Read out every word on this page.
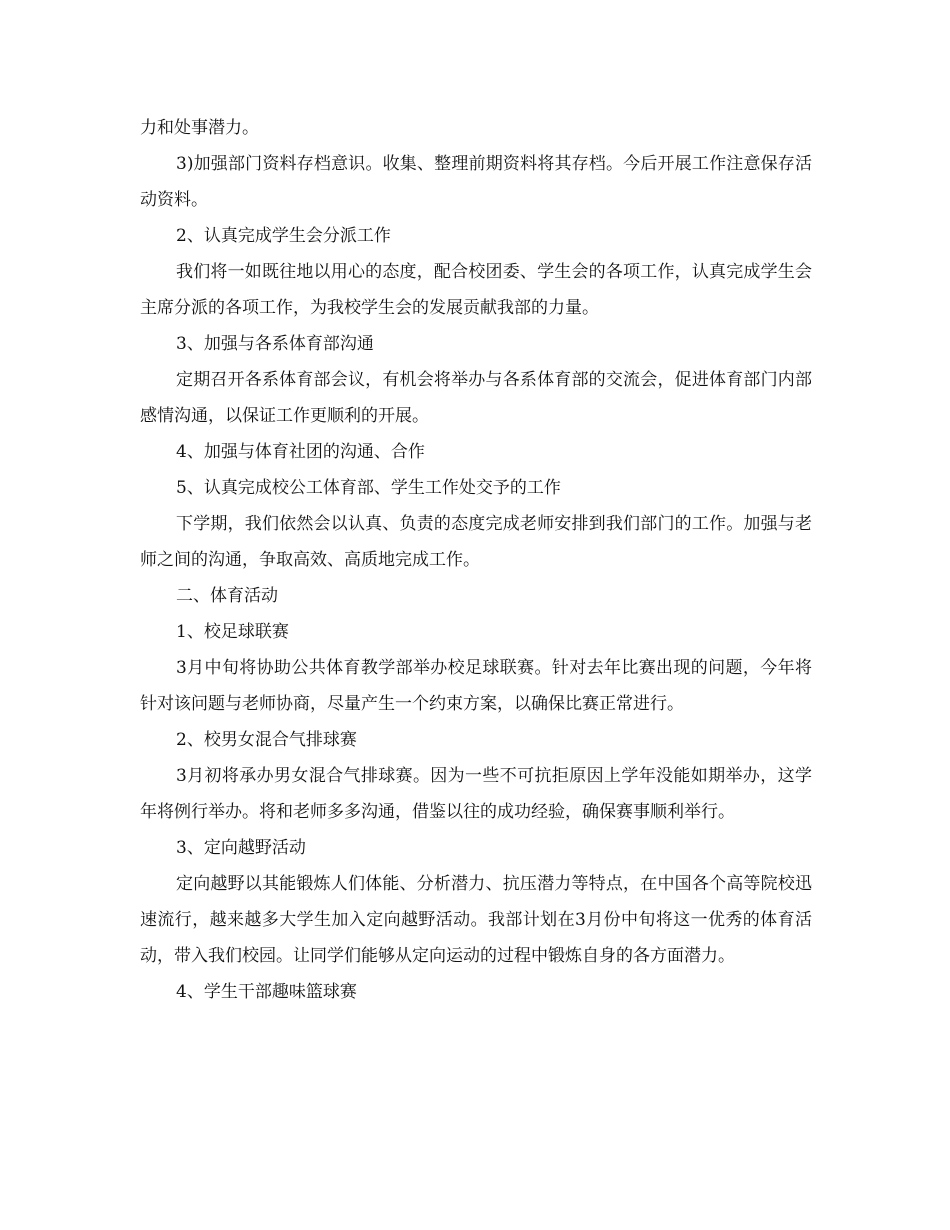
力和处事潜力。

3)加强部门资料存档意识。收集、整理前期资料将其存档。今后开展工作注意保存活动资料。

2、认真完成学生会分派工作

我们将一如既往地以用心的态度，配合校团委、学生会的各项工作，认真完成学生会主席分派的各项工作，为我校学生会的发展贡献我部的力量。

3、加强与各系体育部沟通

定期召开各系体育部会议，有机会将举办与各系体育部的交流会，促进体育部门内部感情沟通，以保证工作更顺利的开展。

4、加强与体育社团的沟通、合作

5、认真完成校公工体育部、学生工作处交予的工作

下学期，我们依然会以认真、负责的态度完成老师安排到我们部门的工作。加强与老师之间的沟通，争取高效、高质地完成工作。

二、体育活动

1、校足球联赛

3月中旬将协助公共体育教学部举办校足球联赛。针对去年比赛出现的问题，今年将针对该问题与老师协商，尽量产生一个约束方案，以确保比赛正常进行。

2、校男女混合气排球赛

3月初将承办男女混合气排球赛。因为一些不可抗拒原因上学年没能如期举办，这学年将例行举办。将和老师多多沟通，借鉴以往的成功经验，确保赛事顺利举行。

3、定向越野活动

定向越野以其能锻炼人们体能、分析潜力、抗压潜力等特点，在中国各个高等院校迅速流行，越来越多大学生加入定向越野活动。我部计划在3月份中旬将这一优秀的体育活动，带入我们校园。让同学们能够从定向运动的过程中锻炼自身的各方面潜力。

4、学生干部趣味篮球赛
